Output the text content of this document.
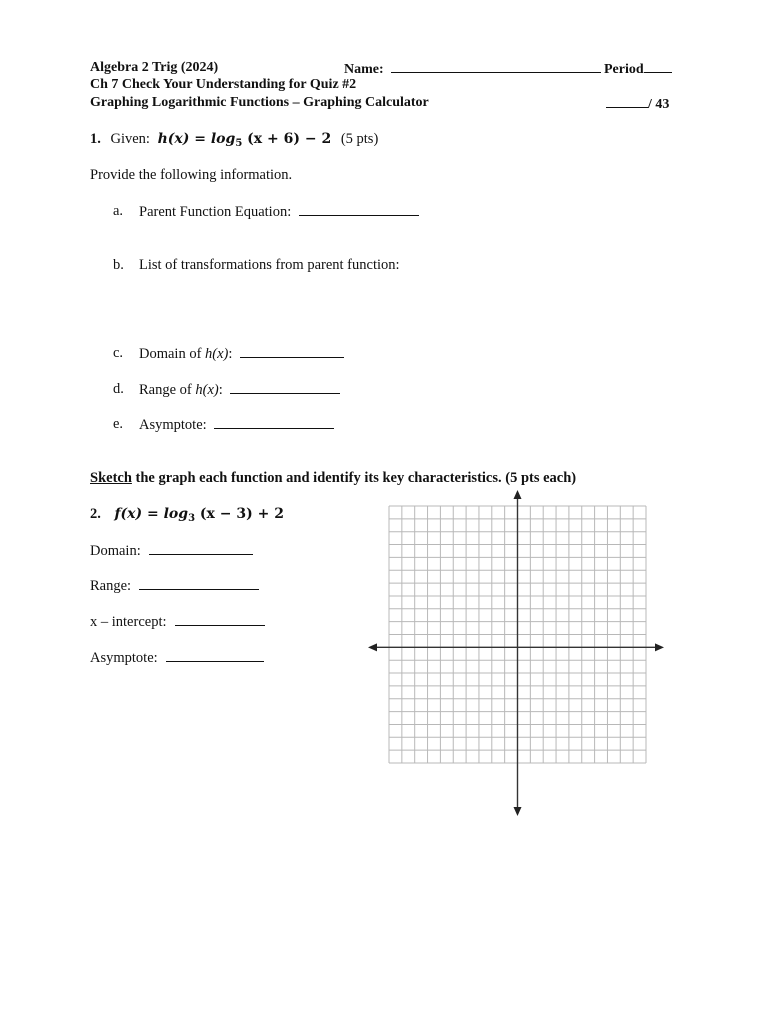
Algebra 2 Trig (2024)	Name:	Period
Ch 7 Check Your Understanding for Quiz #2
Graphing Logarithmic Functions – Graphing Calculator	/ 43
1. Given: $h(x) = \log_5 (x + 6) - 2$ (5 pts)
Provide the following information.
a. Parent Function Equation:
b. List of transformations from parent function:
c. Domain of h(x):
d. Range of h(x):
e. Asymptote:
Sketch the graph each function and identify its key characteristics. (5 pts each)
2. $f(x) = \log_3 (x - 3) + 2$
Domain:
Range:
x – intercept:
Asymptote:
